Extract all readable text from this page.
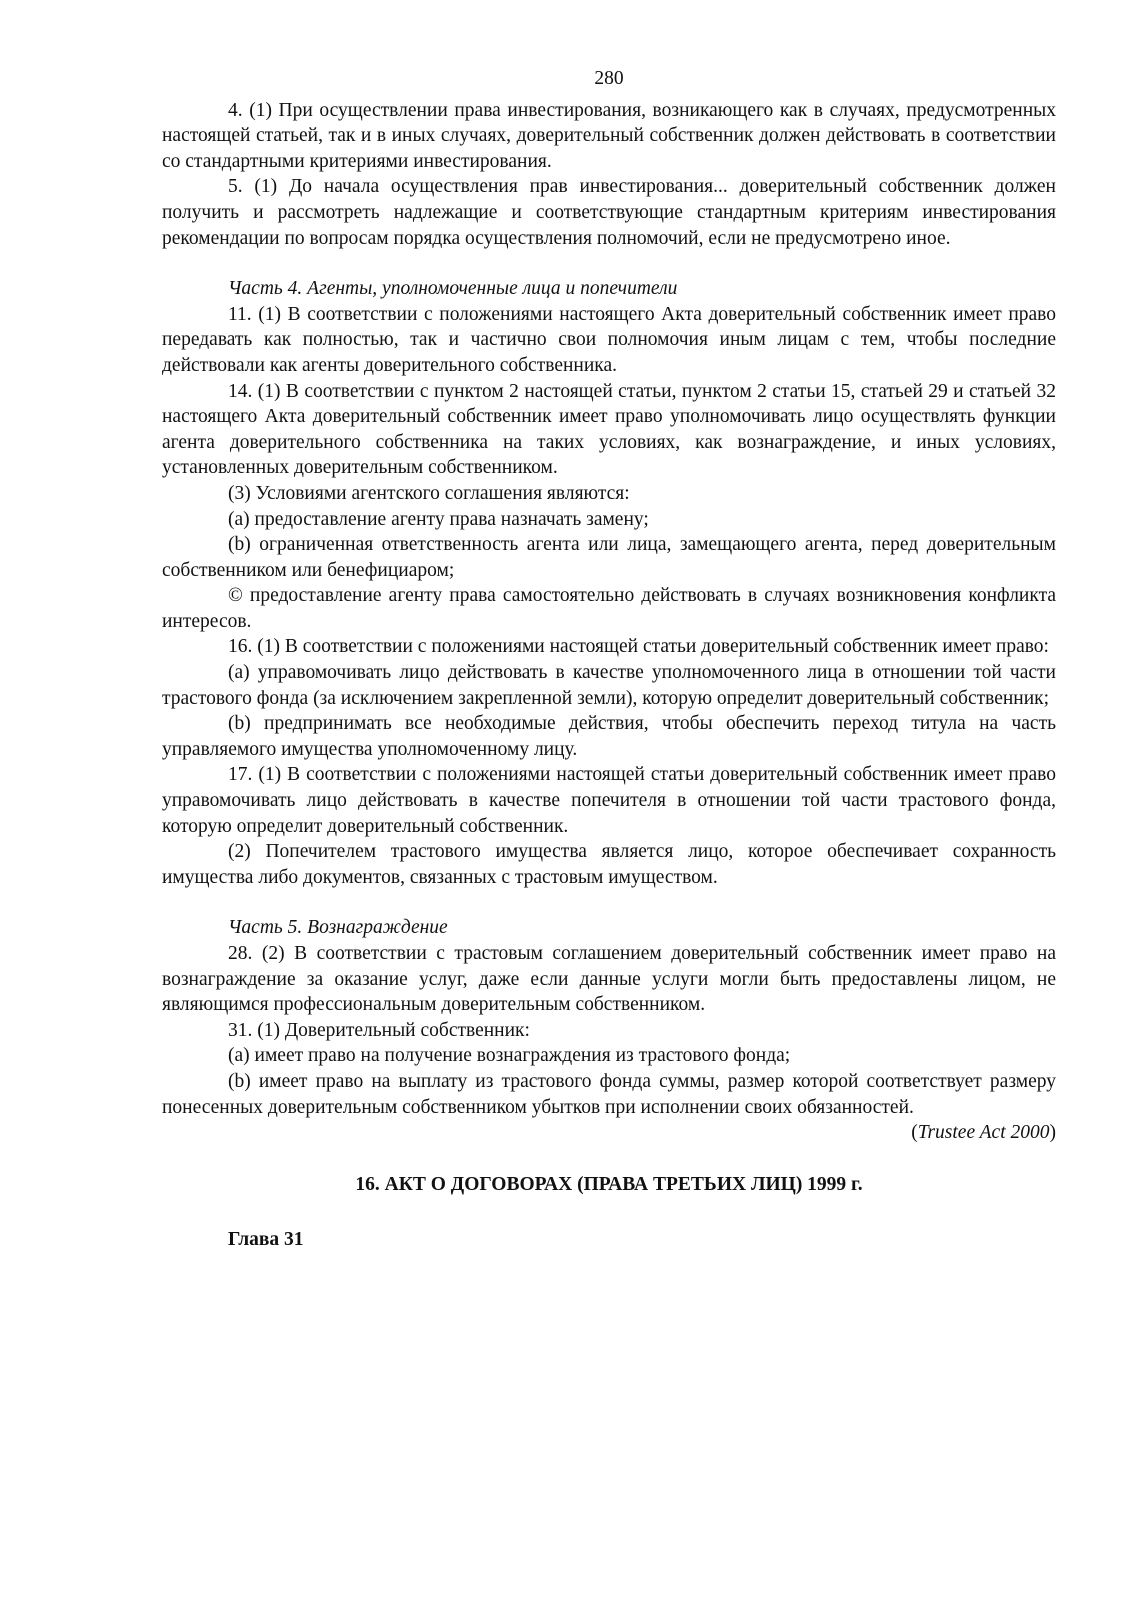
280

4. (1) При осуществлении права инвестирования, возникающего как в случаях, предусмотренных настоящей статьей, так и в иных случаях, доверительный собственник должен действовать в соответствии со стандартными критериями инвестирования.

5. (1) До начала осуществления прав инвестирования... доверительный собственник должен получить и рассмотреть надлежащие и соответствующие стандартным критериям инвестирования рекомендации по вопросам порядка осуществления полномочий, если не предусмотрено иное.

Часть 4. Агенты, уполномоченные лица и попечители

11. (1) В соответствии с положениями настоящего Акта доверительный собственник имеет право передавать как полностью, так и частично свои полномочия иным лицам с тем, чтобы последние действовали как агенты доверительного собственника.

14. (1) В соответствии с пунктом 2 настоящей статьи, пунктом 2 статьи 15, статьей 29 и статьей 32 настоящего Акта доверительный собственник имеет право уполномочивать лицо осуществлять функции агента доверительного собственника на таких условиях, как вознаграждение, и иных условиях, установленных доверительным собственником.

(3) Условиями агентского соглашения являются:

(a) предоставление агенту права назначать замену;

(b) ограниченная ответственность агента или лица, замещающего агента, перед доверительным собственником или бенефициаром;

© предоставление агенту права самостоятельно действовать в случаях возникновения конфликта интересов.

16. (1) В соответствии с положениями настоящей статьи доверительный собственник имеет право:

(a) управомочивать лицо действовать в качестве уполномоченного лица в отношении той части трастового фонда (за исключением закрепленной земли), которую определит доверительный собственник;

(b) предпринимать все необходимые действия, чтобы обеспечить переход титула на часть управляемого имущества уполномоченному лицу.

17. (1) В соответствии с положениями настоящей статьи доверительный собственник имеет право управомочивать лицо действовать в качестве попечителя в отношении той части трастового фонда, которую определит доверительный собственник.

(2) Попечителем трастового имущества является лицо, которое обеспечивает сохранность имущества либо документов, связанных с трастовым имуществом.

Часть 5. Вознаграждение

28. (2) В соответствии с трастовым соглашением доверительный собственник имеет право на вознаграждение за оказание услуг, даже если данные услуги могли быть предоставлены лицом, не являющимся профессиональным доверительным собственником.

31. (1) Доверительный собственник:

(a) имеет право на получение вознаграждения из трастового фонда;

(b) имеет право на выплату из трастового фонда суммы, размер которой соответствует размеру понесенных доверительным собственником убытков при исполнении своих обязанностей.

(Trustee Act 2000)
16. АКТ О ДОГОВОРАХ (ПРАВА ТРЕТЬИХ ЛИЦ) 1999 г.
Глава 31
